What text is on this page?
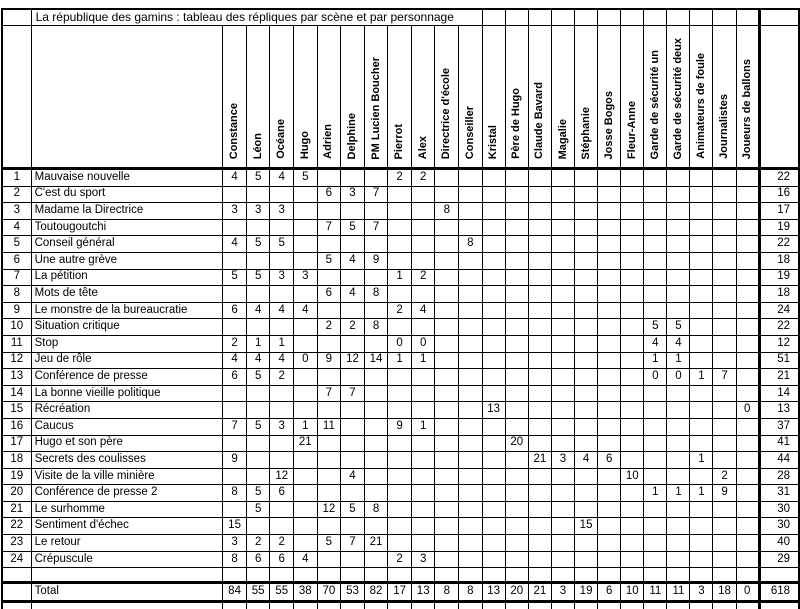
	La république des gamins : tableau des répliques par scène et par personnage																								
		Constance	Léon	Océane	Hugo	Adrien	Delphine	PM Lucien Boucher	Pierrot	Alex	Directrice d'école	Conseiller	Kristal	Père de Hugo	Claude Bavard	Magalie	Stéphanie	Josse Bogos	Fleur-Anne	Garde de sécurité un	Garde de sécurité deux	Animateurs de foule	Journalistes	Joueurs de ballons	
1	Mauvaise nouvelle	4	5	4	5				2	2															22
2	C'est du sport					6	3	7																	16
3	Madame la Directrice	3	3	3							8														17
4	Toutougoutchi					7	5	7																	19
5	Conseil général	4	5	5								8													22
6	Une autre grève					5	4	9																	18
7	La pétition	5	5	3	3				1	2															19
8	Mots de tête					6	4	8																	18
9	Le monstre de la bureaucratie	6	4	4	4				2	4															24
10	Situation critique					2	2	8												5	5				22
11	Stop	2	1	1					0	0										4	4				12
12	Jeu de rôle	4	4	4	0	9	12	14	1	1										1	1				51
13	Conférence de presse	6	5	2																0	0	1	7		21
14	La bonne vieille politique					7	7																		14
15	Récréation												13											0	13
16	Caucus	7	5	3	1	11			9	1															37
17	Hugo et son père				21									20											41
18	Secrets des coulisses	9													21	3	4	6				1			44
19	Visite de la ville minière			12			4												10				2		28
20	Conférence de presse 2	8	5	6																1	1	1	9		31
21	Le surhomme		5			12	5	8																	30
22	Sentiment d'échec	15															15								30
23	Le retour	3	2	2		5	7	21																	40
24	Crépuscule	8	6	6	4				2	3															29

	Total	84	55	55	38	70	53	82	17	13	8	8	13	20	21	3	19	6	10	11	11	3	18	0	618
